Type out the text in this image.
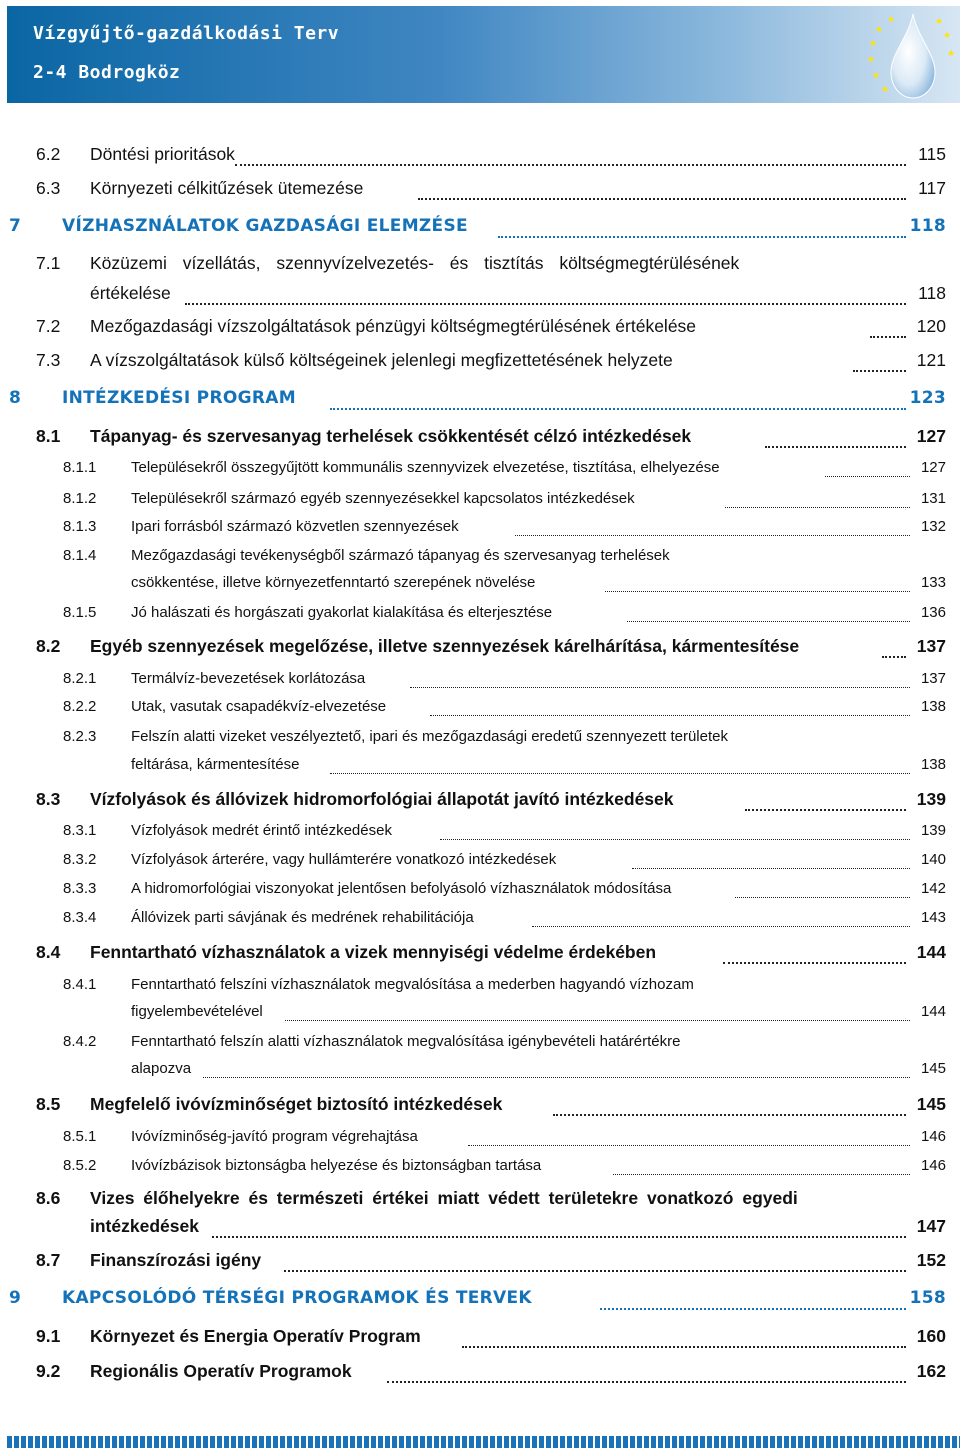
Vízgyűjtő-gazdálkodási Terv
2-4 Bodrogköz
★
★
★
★
★
★
★
★
★
6.2 Döntési prioritások	115
6.3 Környezeti célkitűzések ütemezése	117
7 VÍZHASZNÁLATOK GAZDASÁGI ELEMZÉSE	118
7.1 Közüzemi vízellátás, szennyvízelvezetés- és tisztítás költségmegtérülésének
értékelése	118
7.2 Mezőgazdasági vízszolgáltatások pénzügyi költségmegtérülésének értékelése	120
7.3 A vízszolgáltatások külső költségeinek jelenlegi megfizettetésének helyzete	121
8 INTÉZKEDÉSI PROGRAM	123
8.1 Tápanyag- és szervesanyag terhelések csökkentését célzó intézkedések	127
8.1.1 Településekről összegyűjtött kommunális szennyvizek elvezetése, tisztítása, elhelyezése	127
8.1.2 Településekről származó egyéb szennyezésekkel kapcsolatos intézkedések	131
8.1.3 Ipari forrásból származó közvetlen szennyezések	132
8.1.4 Mezőgazdasági tevékenységből származó tápanyag és szervesanyag terhelések
csökkentése, illetve környezetfenntartó szerepének növelése	133
8.1.5 Jó halászati és horgászati gyakorlat kialakítása és elterjesztése	136
8.2 Egyéb szennyezések megelőzése, illetve szennyezések kárelhárítása, kármentesítése	137
8.2.1 Termálvíz-bevezetések korlátozása	137
8.2.2 Utak, vasutak csapadékvíz-elvezetése	138
8.2.3 Felszín alatti vizeket veszélyeztető, ipari és mezőgazdasági eredetű szennyezett területek
feltárása, kármentesítése	138
8.3 Vízfolyások és állóvizek hidromorfológiai állapotát javító intézkedések	139
8.3.1 Vízfolyások medrét érintő intézkedések	139
8.3.2 Vízfolyások árterére, vagy hullámterére vonatkozó intézkedések	140
8.3.3 A hidromorfológiai viszonyokat jelentősen befolyásoló vízhasználatok módosítása	142
8.3.4 Állóvizek parti sávjának és medrének rehabilitációja	143
8.4 Fenntartható vízhasználatok a vizek mennyiségi védelme érdekében	144
8.4.1 Fenntartható felszíni vízhasználatok megvalósítása a mederben hagyandó vízhozam
figyelembevételével	144
8.4.2 Fenntartható felszín alatti vízhasználatok megvalósítása igénybevételi határértékre
alapozva	145
8.5 Megfelelő ivóvízminőséget biztosító intézkedések	145
8.5.1 Ivóvízminőség-javító program végrehajtása	146
8.5.2 Ivóvízbázisok biztonságba helyezése és biztonságban tartása	146
8.6 Vizes élőhelyekre és természeti értékei miatt védett területekre vonatkozó egyedi
intézkedések	147
8.7 Finanszírozási igény	152
9 KAPCSOLÓDÓ TÉRSÉGI PROGRAMOK ÉS TERVEK	158
9.1 Környezet és Energia Operatív Program	160
9.2 Regionális Operatív Programok	162
